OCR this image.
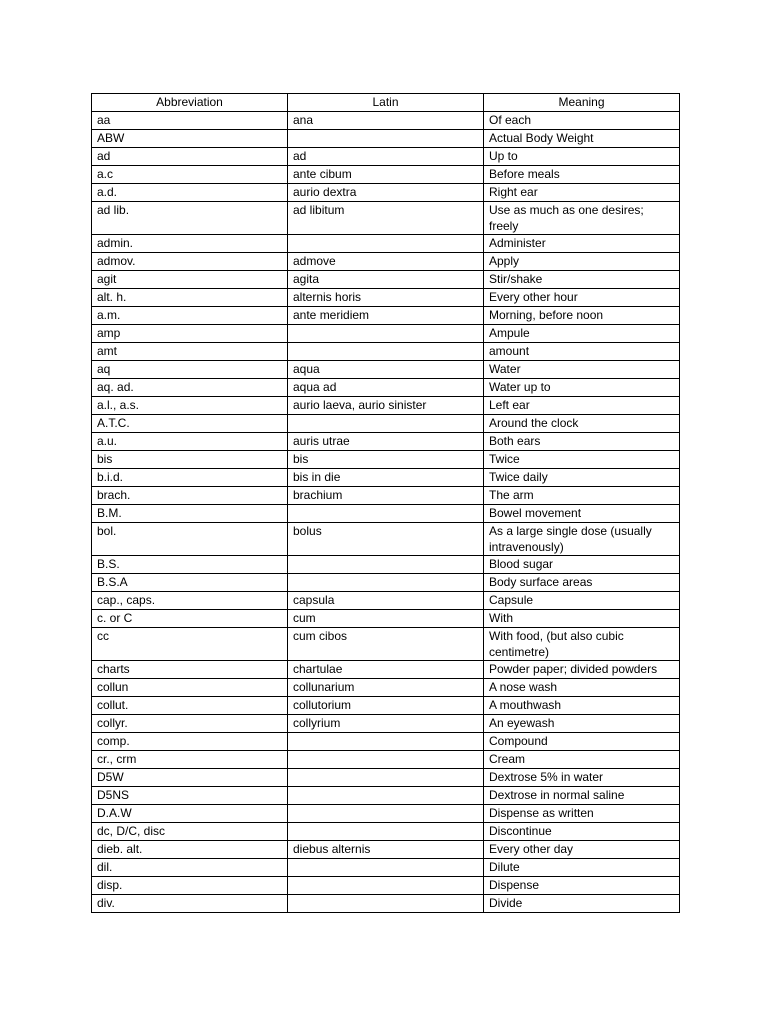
Abbreviation	Latin	Meaning
aa	ana	Of each
ABW		Actual Body Weight
ad	ad	Up to
a.c	ante cibum	Before meals
a.d.	aurio dextra	Right ear
ad lib.	ad libitum	Use as much as one desires; freely
admin.		Administer
admov.	admove	Apply
agit	agita	Stir/shake
alt. h.	alternis horis	Every other hour
a.m.	ante meridiem	Morning, before noon
amp		Ampule
amt		amount
aq	aqua	Water
aq. ad.	aqua ad	Water up to
a.l., a.s.	aurio laeva, aurio sinister	Left ear
A.T.C.		Around the clock
a.u.	auris utrae	Both ears
bis	bis	Twice
b.i.d.	bis in die	Twice daily
brach.	brachium	The arm
B.M.		Bowel movement
bol.	bolus	As a large single dose (usually intravenously)
B.S.		Blood sugar
B.S.A		Body surface areas
cap., caps.	capsula	Capsule
c. or C	cum	With
cc	cum cibos	With food, (but also cubic centimetre)
charts	chartulae	Powder paper; divided powders
collun	collunarium	A nose wash
collut.	collutorium	A mouthwash
collyr.	collyrium	An eyewash
comp.		Compound
cr., crm		Cream
D5W		Dextrose 5% in water
D5NS		Dextrose in normal saline
D.A.W		Dispense as written
dc, D/C, disc		Discontinue
dieb. alt.	diebus alternis	Every other day
dil.		Dilute
disp.		Dispense
div.		Divide
